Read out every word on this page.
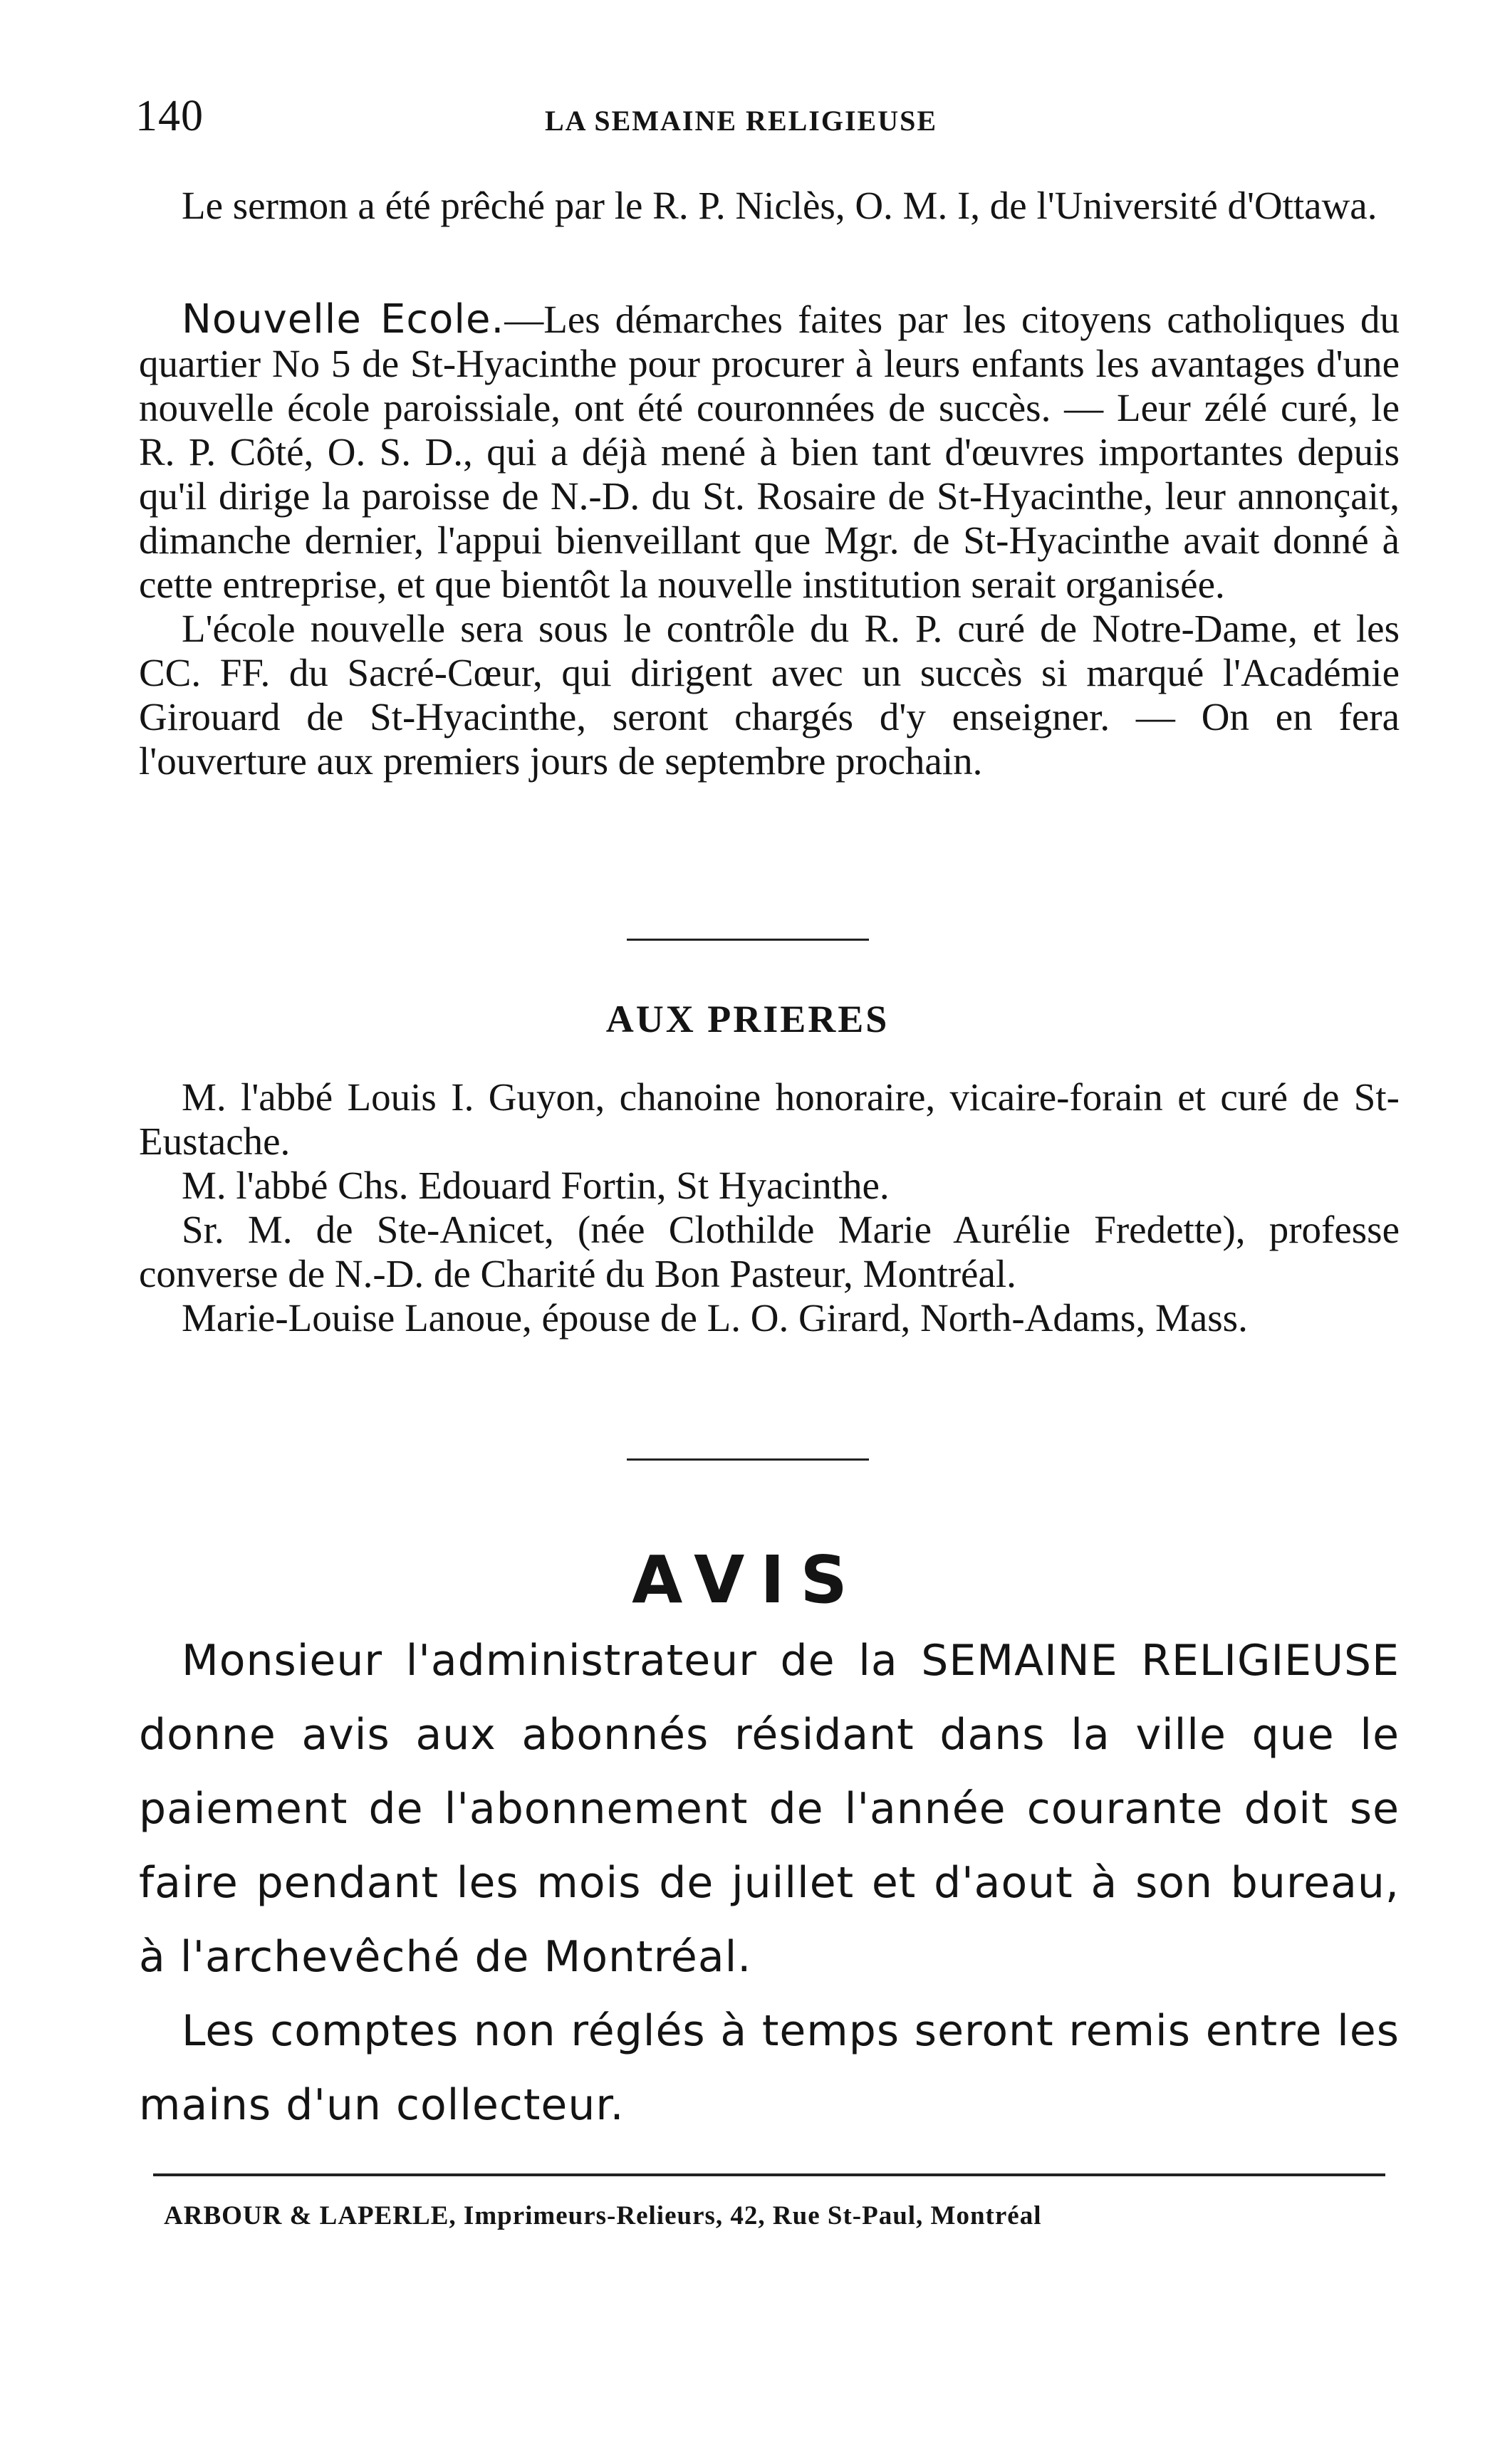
140	LA SEMAINE RELIGIEUSE

Le sermon a été prêché par le R. P. Niclès, O. M. I, de l'Université d'Ottawa.

Nouvelle Ecole.—Les démarches faites par les citoyens catholiques du quartier No 5 de St-Hyacinthe pour procurer à leurs enfants les avantages d'une nouvelle école paroissiale, ont été couronnées de succès. — Leur zélé curé, le R. P. Côté, O. S. D., qui a déjà mené à bien tant d'œuvres importantes depuis qu'il dirige la paroisse de N.-D. du St. Rosaire de St-Hyacinthe, leur annonçait, dimanche dernier, l'appui bienveillant que Mgr. de St-Hyacinthe avait donné à cette entreprise, et que bientôt la nouvelle institution serait organisée.

L'école nouvelle sera sous le contrôle du R. P. curé de Notre-Dame, et les CC. FF. du Sacré-Cœur, qui dirigent avec un succès si marqué l'Académie Girouard de St-Hyacinthe, seront chargés d'y enseigner. — On en fera l'ouverture aux premiers jours de septembre prochain.

AUX PRIERES

M. l'abbé Louis I. Guyon, chanoine honoraire, vicaire-forain et curé de St-Eustache.

M. l'abbé Chs. Edouard Fortin, St Hyacinthe.

Sr. M. de Ste-Anicet, (née Clothilde Marie Aurélie Fredette), professe converse de N.-D. de Charité du Bon Pasteur, Montréal.

Marie-Louise Lanoue, épouse de L. O. Girard, North-Adams, Mass.

AVIS

Monsieur l'administrateur de la SEMAINE RELIGIEUSE donne avis aux abonnés résidant dans la ville que le paiement de l'abonnement de l'année courante doit se faire pendant les mois de juillet et d'aout à son bureau, à l'archevêché de Montréal.

Les comptes non réglés à temps seront remis entre les mains d'un collecteur.

ARBOUR & LAPERLE, Imprimeurs-Relieurs, 42, Rue St-Paul, Montréal
